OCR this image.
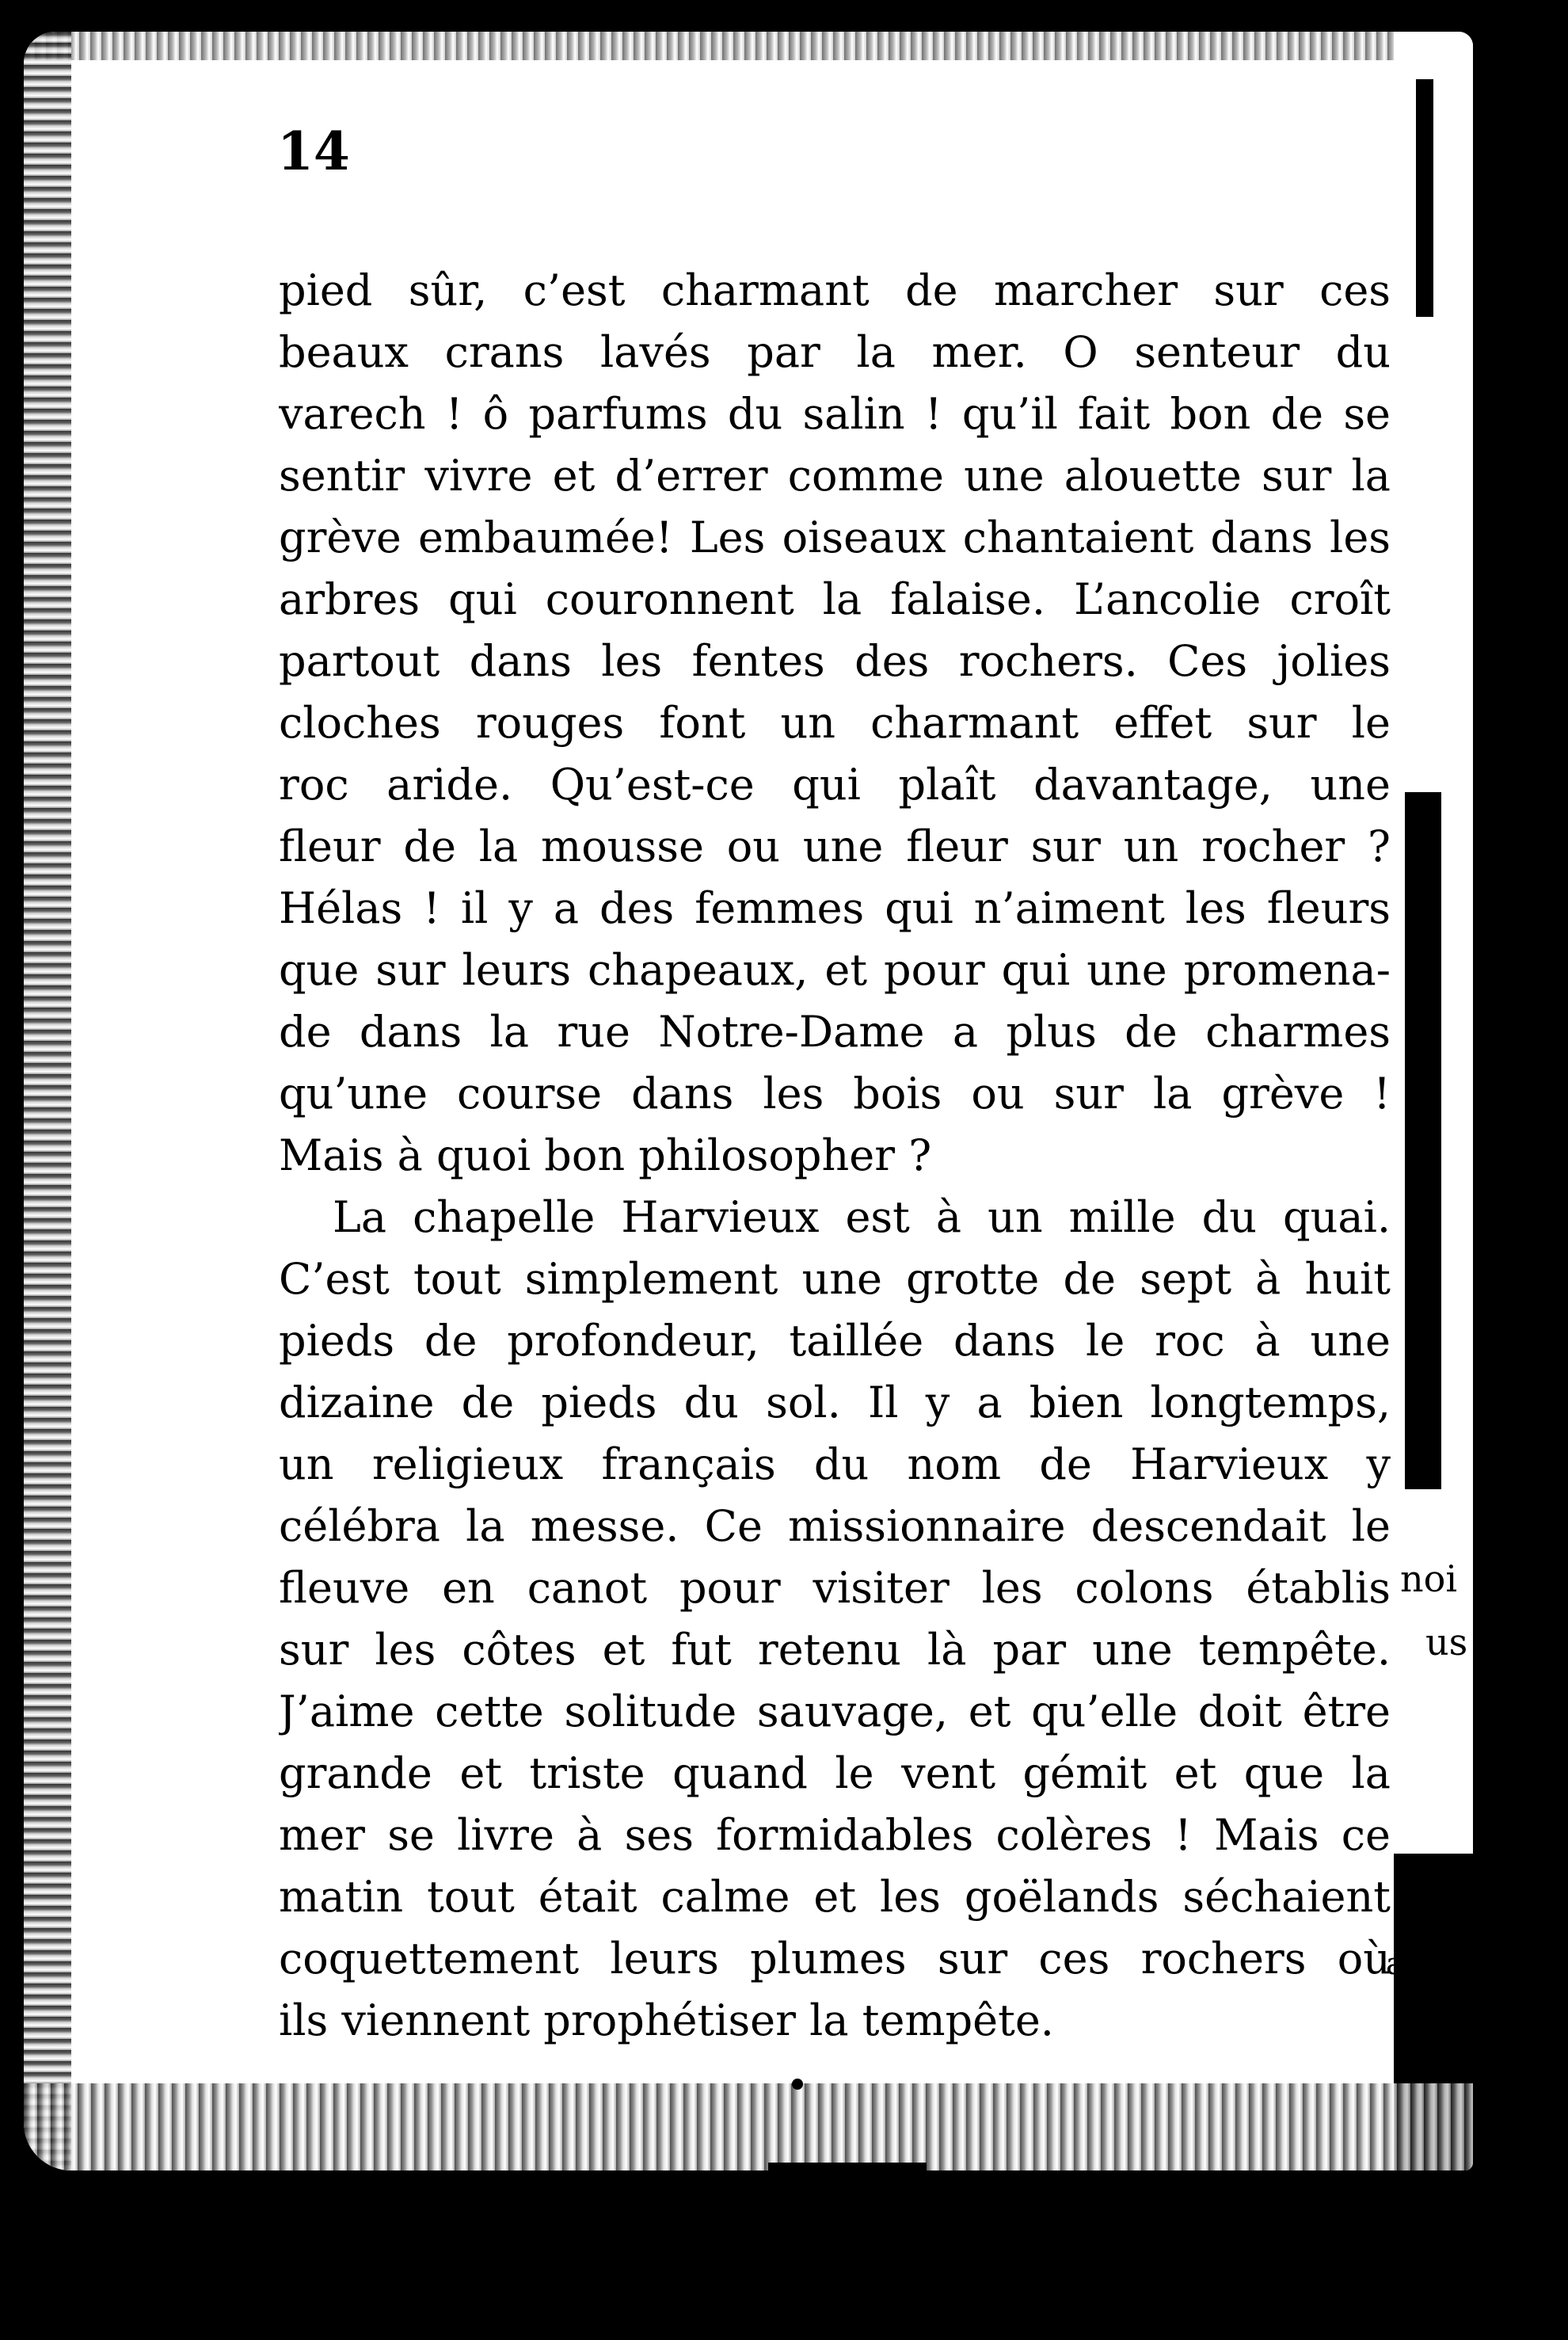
14
pied sûr, c’est charmant de marcher sur ces
beaux crans lavés par la mer. O senteur du
varech ! ô parfums du salin ! qu’il fait bon de se
sentir vivre et d’errer comme une alouette sur la
grève embaumée! Les oiseaux chantaient dans les
arbres qui couronnent la falaise. L’ancolie croît
partout dans les fentes des rochers. Ces jolies
cloches rouges font un charmant effet sur le
roc aride. Qu’est-ce qui plaît davantage, une
fleur de la mousse ou une fleur sur un rocher ?
Hélas ! il y a des femmes qui n’aiment les fleurs
que sur leurs chapeaux, et pour qui une promena-
de dans la rue Notre-Dame a plus de charmes
qu’une course dans les bois ou sur la grève !
Mais à quoi bon philosopher ?
La chapelle Harvieux est à un mille du quai.
C’est tout simplement une grotte de sept à huit
pieds de profondeur, taillée dans le roc à une
dizaine de pieds du sol. Il y a bien longtemps,
un religieux français du nom de Harvieux y
célébra la messe. Ce missionnaire descendait le
fleuve en canot pour visiter les colons établis
sur les côtes et fut retenu là par une tempête.
J’aime cette solitude sauvage, et qu’elle doit être
grande et triste quand le vent gémit et que la
mer se livre à ses formidables colères ! Mais ce
matin tout était calme et les goëlands séchaient
coquettement leurs plumes sur ces rochers où
ils viennent prophétiser la tempête.
noi
us
ai
